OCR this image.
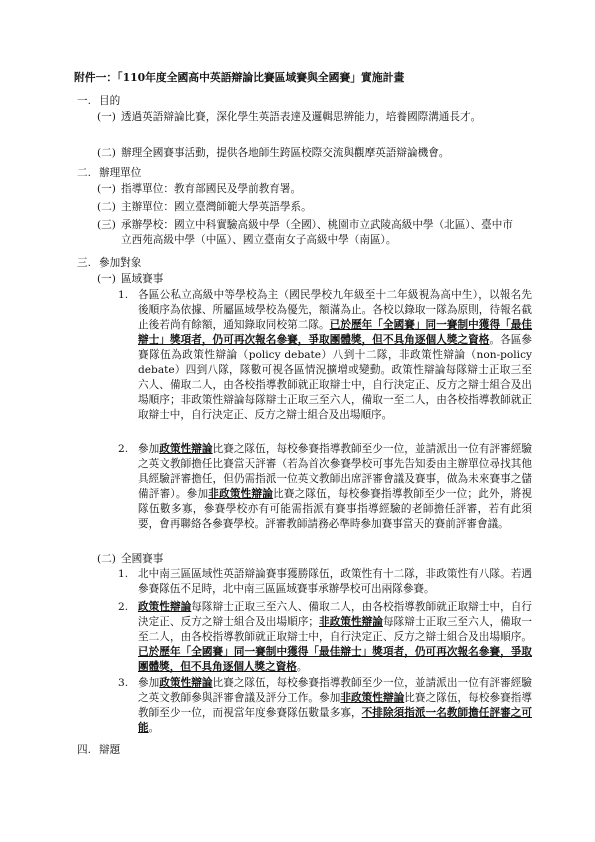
附件一：「110年度全國高中英語辯論比賽區域賽與全國賽」實施計畫
一. 目的
(一) 透過英語辯論比賽，深化學生英語表達及邏輯思辨能力，培養國際溝通長才。
(二) 辦理全國賽事活動，提供各地師生跨區校際交流與觀摩英語辯論機會。
二. 辦理單位
(一) 指導單位：教育部國民及學前教育署。
(二) 主辦單位：國立臺灣師範大學英語學系。
(三) 承辦學校：國立中科實驗高級中學（全國）、桃園市立武陵高級中學（北區）、臺中市立西苑高級中學（中區）、國立臺南女子高級中學（南區）。
三. 參加對象
(一) 區域賽事
1. 各區公私立高級中等學校為主（國民學校九年級至十二年級視為高中生），以報名先後順序為依據、所屬區域學校為優先，額滿為止。各校以錄取一隊為原則，待報名截止後若尚有餘額，通知錄取同校第二隊。已於歷年「全國賽」同一賽制中獲得「最佳辯士」獎項者，仍可再次報名參賽，爭取團體獎，但不具角逐個人獎之資格。各區參賽隊伍為政策性辯論（policy debate）八到十二隊，非政策性辯論（non-policy debate）四到八隊，隊數可視各區情況擴增或變動。政策性辯論每隊辯士正取三至六人、備取二人，由各校指導教師就正取辯士中，自行決定正、反方之辯士組合及出場順序；非政策性辯論每隊辯士正取三至六人，備取一至二人，由各校指導教師就正取辯士中，自行決定正、反方之辯士組合及出場順序。
2. 參加政策性辯論比賽之隊伍，每校參賽指導教師至少一位，並請派出一位有評審經驗之英文教師擔任比賽當天評審（若為首次參賽學校可事先告知委由主辦單位尋找其他具經驗評審擔任，但仍需指派一位英文教師出席評審會議及賽事，做為未來賽事之儲備評審）。參加非政策性辯論比賽之隊伍，每校參賽指導教師至少一位；此外，將視隊伍數多寡，參賽學校亦有可能需指派有賽事指導經驗的老師擔任評審，若有此須要，會再聯絡各參賽學校。評審教師請務必準時參加賽事當天的賽前評審會議。
(二) 全國賽事
1. 北中南三區區域性英語辯論賽事獲勝隊伍，政策性有十二隊，非政策性有八隊。若遇參賽隊伍不足時，北中南三區區域賽事承辦學校可出兩隊參賽。
2. 政策性辯論每隊辯士正取三至六人、備取二人，由各校指導教師就正取辯士中，自行決定正、反方之辯士組合及出場順序；非政策性辯論每隊辯士正取三至六人，備取一至二人，由各校指導教師就正取辯士中，自行決定正、反方之辯士組合及出場順序。已於歷年「全國賽」同一賽制中獲得「最佳辯士」獎項者，仍可再次報名參賽，爭取團體獎，但不具角逐個人獎之資格。
3. 參加政策性辯論比賽之隊伍，每校參賽指導教師至少一位，並請派出一位有評審經驗之英文教師參與評審會議及評分工作。參加非政策性辯論比賽之隊伍，每校參賽指導教師至少一位，而視當年度參賽隊伍數量多寡，不排除須指派一名教師擔任評審之可能。
四. 辯題
